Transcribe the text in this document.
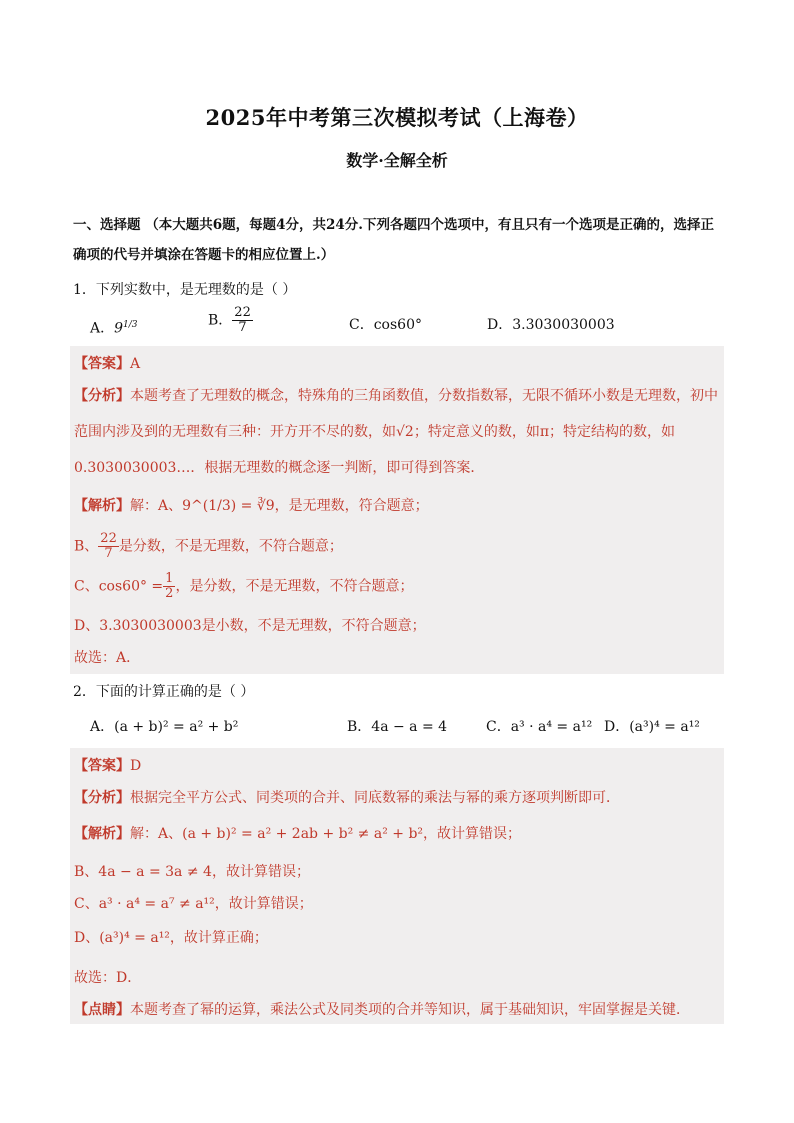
2025年中考第三次模拟考试（上海卷）
数学·全解全析
一、选择题 （本大题共6题，每题4分，共24分.下列各题四个选项中，有且只有一个选项是正确的，选择正确项的代号并填涂在答题卡的相应位置上.）
1．下列实数中，是无理数的是（ ）
A．$9^{1/3}$	B． $\frac{22}{7}$	C．cos60°	D．3.3030030003
【答案】A
【分析】本题考查了无理数的概念，特殊角的三角函数值，分数指数幂，无限不循环小数是无理数，初中
范围内涉及到的无理数有三种：开方开不尽的数，如√2；特定意义的数，如π；特定结构的数，如
0.3030030003…．根据无理数的概念逐一判断，即可得到答案．
【解析】解：A、9^(1/3) = ∛9，是无理数，符合题意；
B、 $\frac{22}{7}$ 是分数，不是无理数，不符合题意；
C、$\cos 60^\circ = \frac{1}{2}$ ，是分数，不是无理数，不符合题意；
D、3.3030030003是小数，不是无理数，不符合题意；
故选：A．
2．下面的计算正确的是（ ）
A．(a + b)² = a² + b²	B．4a − a = 4	C．a³ · a⁴ = a¹² D．(a³)⁴ = a¹²
【答案】D
【分析】根据完全平方公式、同类项的合并、同底数幂的乘法与幂的乘方逐项判断即可．
【解析】解：A、(a + b)² = a² + 2ab + b² ≠ a² + b²，故计算错误；
B、4a − a = 3a ≠ 4，故计算错误；
C、a³ · a⁴ = a⁷ ≠ a¹²，故计算错误；
D、(a³)⁴ = a¹²，故计算正确；
故选：D．
【点睛】本题考查了幂的运算，乘法公式及同类项的合并等知识，属于基础知识，牢固掌握是关键．
